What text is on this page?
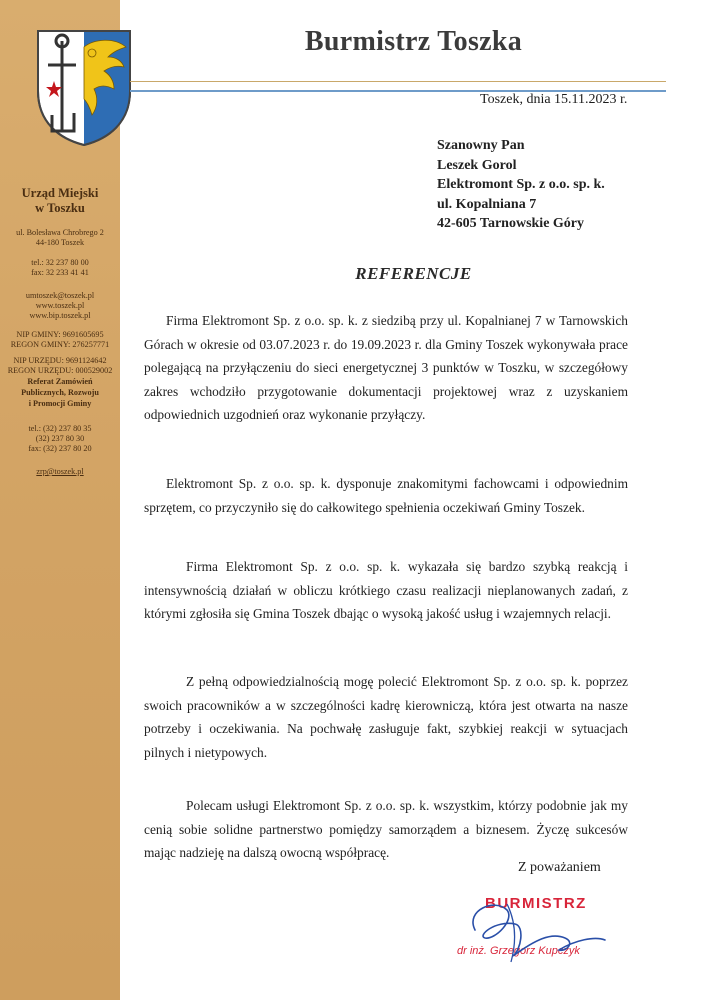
Urząd Miejski
w Toszku
ul. Bolesława Chrobrego 2
44-180 Toszek
tel.: 32 237 80 00
fax: 32 233 41 41
umtoszek@toszek.pl
www.toszek.pl
www.bip.toszek.pl
NIP GMINY: 9691605695
REGON GMINY: 276257771
NIP URZĘDU: 9691124642
REGON URZĘDU: 000529002
Referat Zamówień
Publicznych, Rozwoju
i Promocji Gminy
tel.: (32) 237 80 35
(32) 237 80 30
fax: (32) 237 80 20
zrp@toszek.pl
Burmistrz Toszka
Toszek, dnia 15.11.2023 r.
Szanowny Pan
Leszek Gorol
Elektromont Sp. z o.o. sp. k.
ul. Kopalniana 7
42-605 Tarnowskie Góry
REFERENCJE

Firma Elektromont Sp. z o.o. sp. k. z siedzibą przy ul. Kopalnianej 7 w Tarnowskich Górach w okresie od 03.07.2023 r. do 19.09.2023 r. dla Gminy Toszek wykonywała prace polegającą na przyłączeniu do sieci energetycznej 3 punktów w Toszku, w szczegółowy zakres wchodziło przygotowanie dokumentacji projektowej wraz z uzyskaniem odpowiednich uzgodnień oraz wykonanie przyłączy.

Elektromont Sp. z o.o. sp. k. dysponuje znakomitymi fachowcami i odpowiednim sprzętem, co przyczyniło się do całkowitego spełnienia oczekiwań Gminy Toszek.

Firma Elektromont Sp. z o.o. sp. k. wykazała się bardzo szybką reakcją i intensywnością działań w obliczu krótkiego czasu realizacji nieplanowanych zadań, z którymi zgłosiła się Gmina Toszek dbając o wysoką jakość usług i wzajemnych relacji.

Z pełną odpowiedzialnością mogę polecić Elektromont Sp. z o.o. sp. k. poprzez swoich pracowników a w szczególności kadrę kierowniczą, która jest otwarta na nasze potrzeby i oczekiwania. Na pochwałę zasługuje fakt, szybkiej reakcji w sytuacjach pilnych i nietypowych.

Polecam usługi Elektromont Sp. z o.o. sp. k. wszystkim, którzy podobnie jak my cenią sobie solidne partnerstwo pomiędzy samorządem a biznesem. Życzę sukcesów mając nadzieję na dalszą owocną współpracę.

Z poważaniem
BURMISTRZ
dr inż. Grzegorz Kupczyk
